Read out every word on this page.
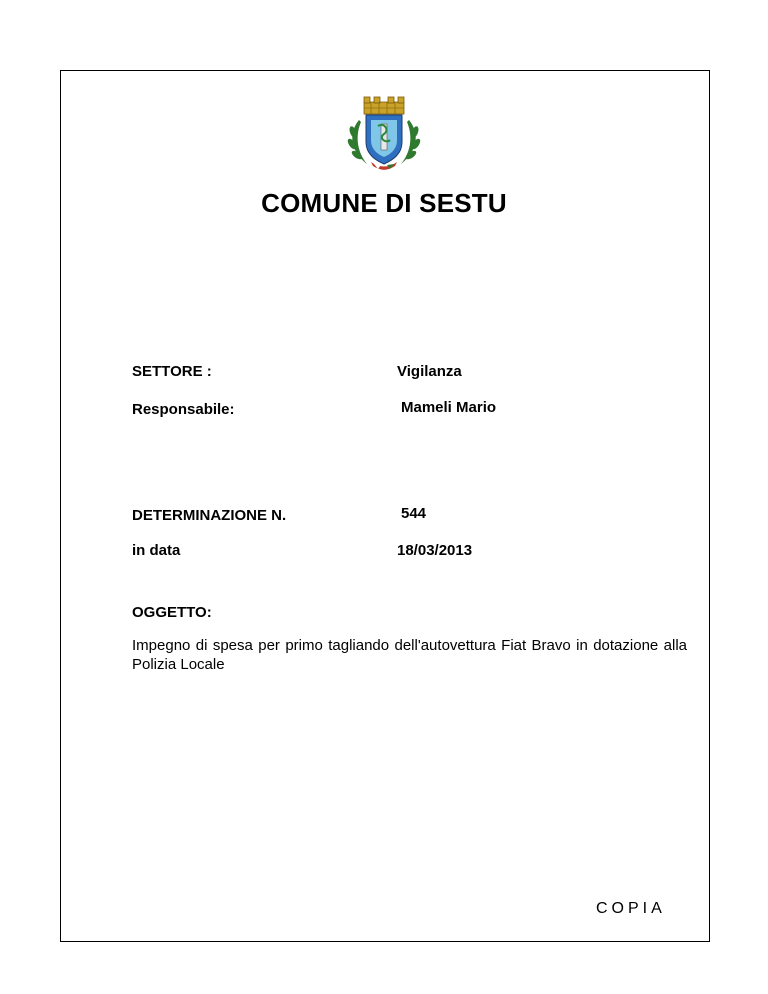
COMUNE DI SESTU
SETTORE :	Vigilanza
Responsabile:	Mameli Mario
DETERMINAZIONE N.	544
in data	18/03/2013
OGGETTO:
Impegno di spesa per primo tagliando dell'autovettura Fiat Bravo in dotazione alla Polizia Locale
COPIA
